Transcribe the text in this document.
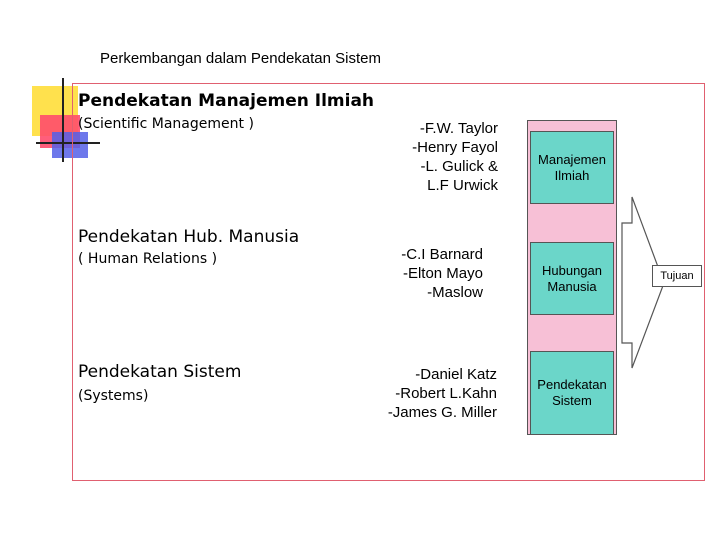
Perkembangan dalam Pendekatan Sistem
Pendekatan Manajemen Ilmiah
(Scientific Management )	-F.W. Taylor
-Henry Fayol
-L. Gulick &
L.F Urwick
Pendekatan Hub. Manusia
( Human Relations )	-C.I Barnard
-Elton Mayo
-Maslow
Pendekatan Sistem
(Systems)
-Daniel Katz
-Robert L.Kahn
-James G. Miller
Manajemen
Ilmiah
Hubungan
Manusia
Pendekatan
Sistem
Tujuan
